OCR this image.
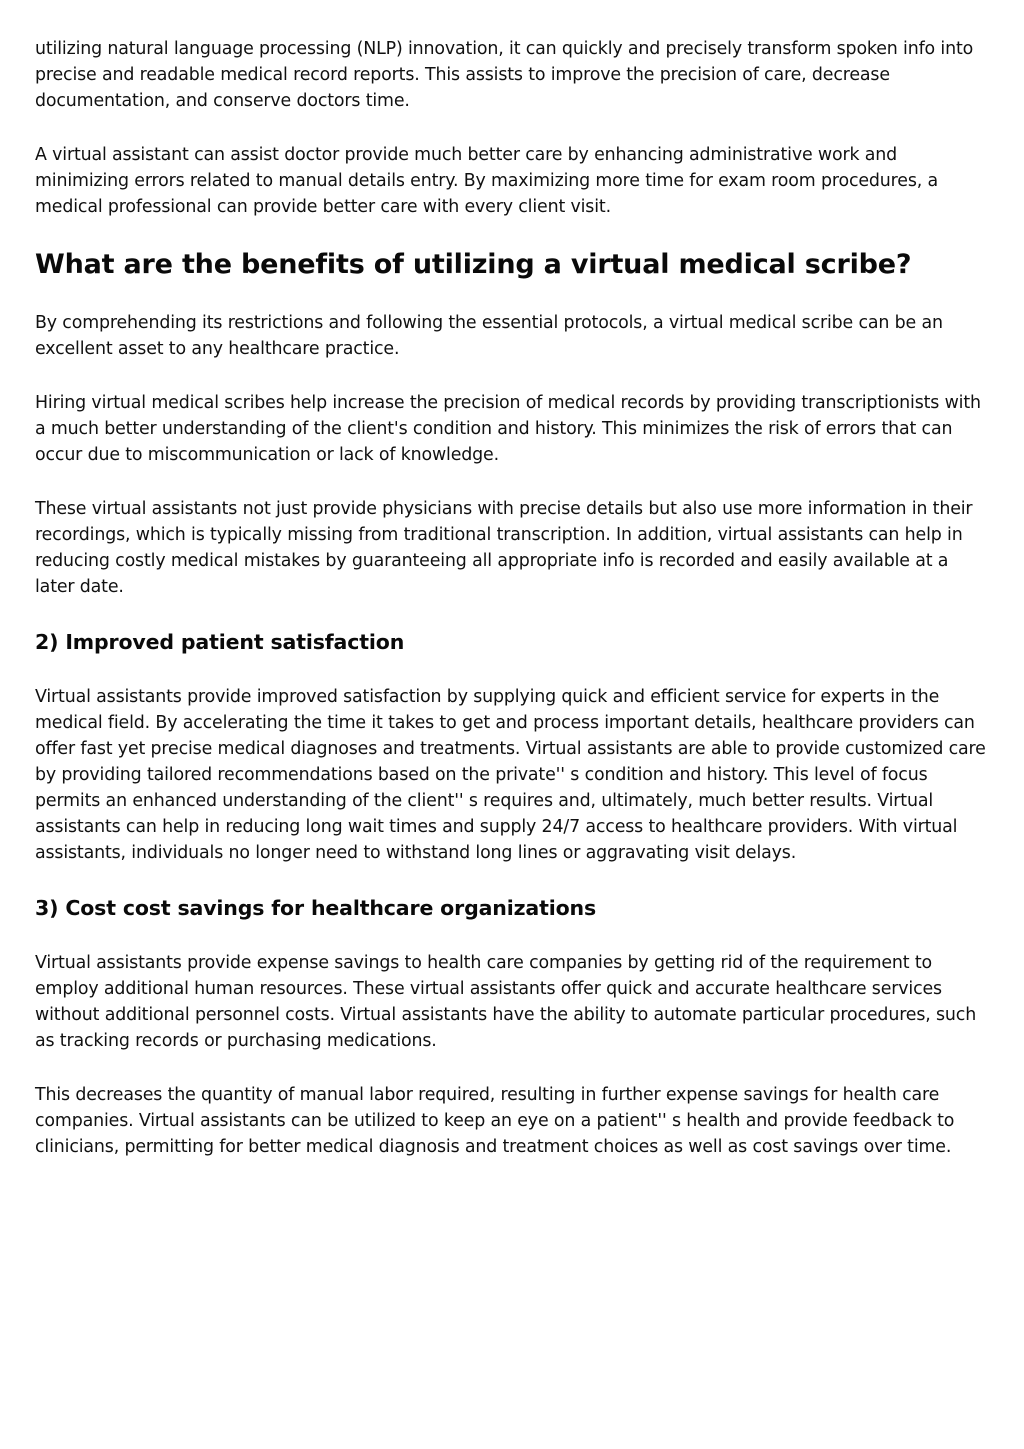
utilizing natural language processing (NLP) innovation, it can quickly and precisely transform spoken info into precise and readable medical record reports. This assists to improve the precision of care, decrease documentation, and conserve doctors time.

A virtual assistant can assist doctor provide much better care by enhancing administrative work and minimizing errors related to manual details entry. By maximizing more time for exam room procedures, a medical professional can provide better care with every client visit.

What are the benefits of utilizing a virtual medical scribe?

By comprehending its restrictions and following the essential protocols, a virtual medical scribe can be an excellent asset to any healthcare practice.

Hiring virtual medical scribes help increase the precision of medical records by providing transcriptionists with a much better understanding of the client's condition and history. This minimizes the risk of errors that can occur due to miscommunication or lack of knowledge.

These virtual assistants not just provide physicians with precise details but also use more information in their recordings, which is typically missing from traditional transcription. In addition, virtual assistants can help in reducing costly medical mistakes by guaranteeing all appropriate info is recorded and easily available at a later date.

2) Improved patient satisfaction

Virtual assistants provide improved satisfaction by supplying quick and efficient service for experts in the medical field. By accelerating the time it takes to get and process important details, healthcare providers can offer fast yet precise medical diagnoses and treatments. Virtual assistants are able to provide customized care by providing tailored recommendations based on the private'' s condition and history. This level of focus permits an enhanced understanding of the client'' s requires and, ultimately, much better results. Virtual assistants can help in reducing long wait times and supply 24/7 access to healthcare providers. With virtual assistants, individuals no longer need to withstand long lines or aggravating visit delays.

3) Cost cost savings for healthcare organizations

Virtual assistants provide expense savings to health care companies by getting rid of the requirement to employ additional human resources. These virtual assistants offer quick and accurate healthcare services without additional personnel costs. Virtual assistants have the ability to automate particular procedures, such as tracking records or purchasing medications.

This decreases the quantity of manual labor required, resulting in further expense savings for health care companies. Virtual assistants can be utilized to keep an eye on a patient'' s health and provide feedback to clinicians, permitting for better medical diagnosis and treatment choices as well as cost savings over time.
